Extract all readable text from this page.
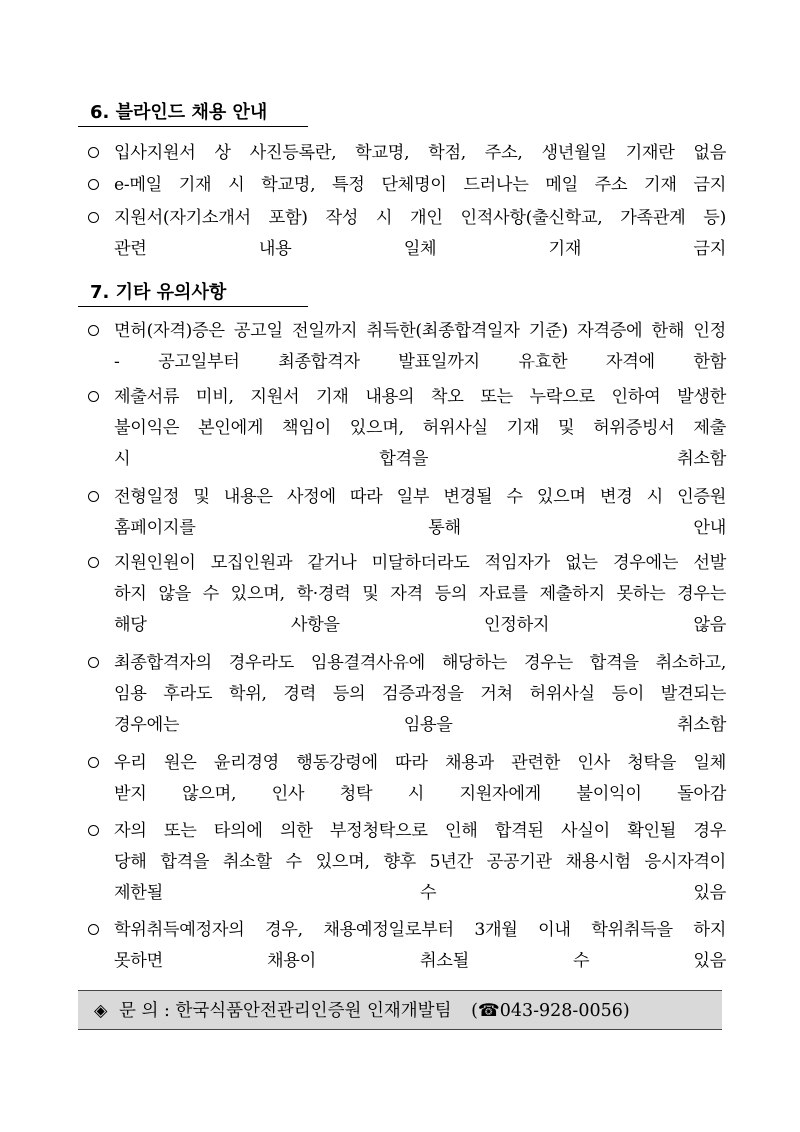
6. 블라인드 채용 안내
입사지원서 상 사진등록란, 학교명, 학점, 주소, 생년월일 기재란 없음
e-메일 기재 시 학교명, 특정 단체명이 드러나는 메일 주소 기재 금지
지원서(자기소개서 포함) 작성 시 개인 인적사항(출신학교, 가족관계 등)
관련 내용 일체 기재 금지
7. 기타 유의사항
면허(자격)증은 공고일 전일까지 취득한(최종합격일자 기준) 자격증에 한해 인정
- 공고일부터 최종합격자 발표일까지 유효한 자격에 한함
제출서류 미비, 지원서 기재 내용의 착오 또는 누락으로 인하여 발생한
불이익은 본인에게 책임이 있으며, 허위사실 기재 및 허위증빙서 제출
시 합격을 취소함
전형일정 및 내용은 사정에 따라 일부 변경될 수 있으며 변경 시 인증원
홈페이지를 통해 안내
지원인원이 모집인원과 같거나 미달하더라도 적임자가 없는 경우에는 선발
하지 않을 수 있으며, 학·경력 및 자격 등의 자료를 제출하지 못하는 경우는
해당 사항을 인정하지 않음
최종합격자의 경우라도 임용결격사유에 해당하는 경우는 합격을 취소하고,
임용 후라도 학위, 경력 등의 검증과정을 거쳐 허위사실 등이 발견되는
경우에는 임용을 취소함
우리 원은 윤리경영 행동강령에 따라 채용과 관련한 인사 청탁을 일체
받지 않으며, 인사 청탁 시 지원자에게 불이익이 돌아감
자의 또는 타의에 의한 부정청탁으로 인해 합격된 사실이 확인될 경우
당해 합격을 취소할 수 있으며, 향후 5년간 공공기관 채용시험 응시자격이
제한될 수 있음
학위취득예정자의 경우, 채용예정일로부터 3개월 이내 학위취득을 하지
못하면 채용이 취소될 수 있음
◈ 문 의 : 한국식품안전관리인증원 인재개발팀 (☎043-928-0056)
